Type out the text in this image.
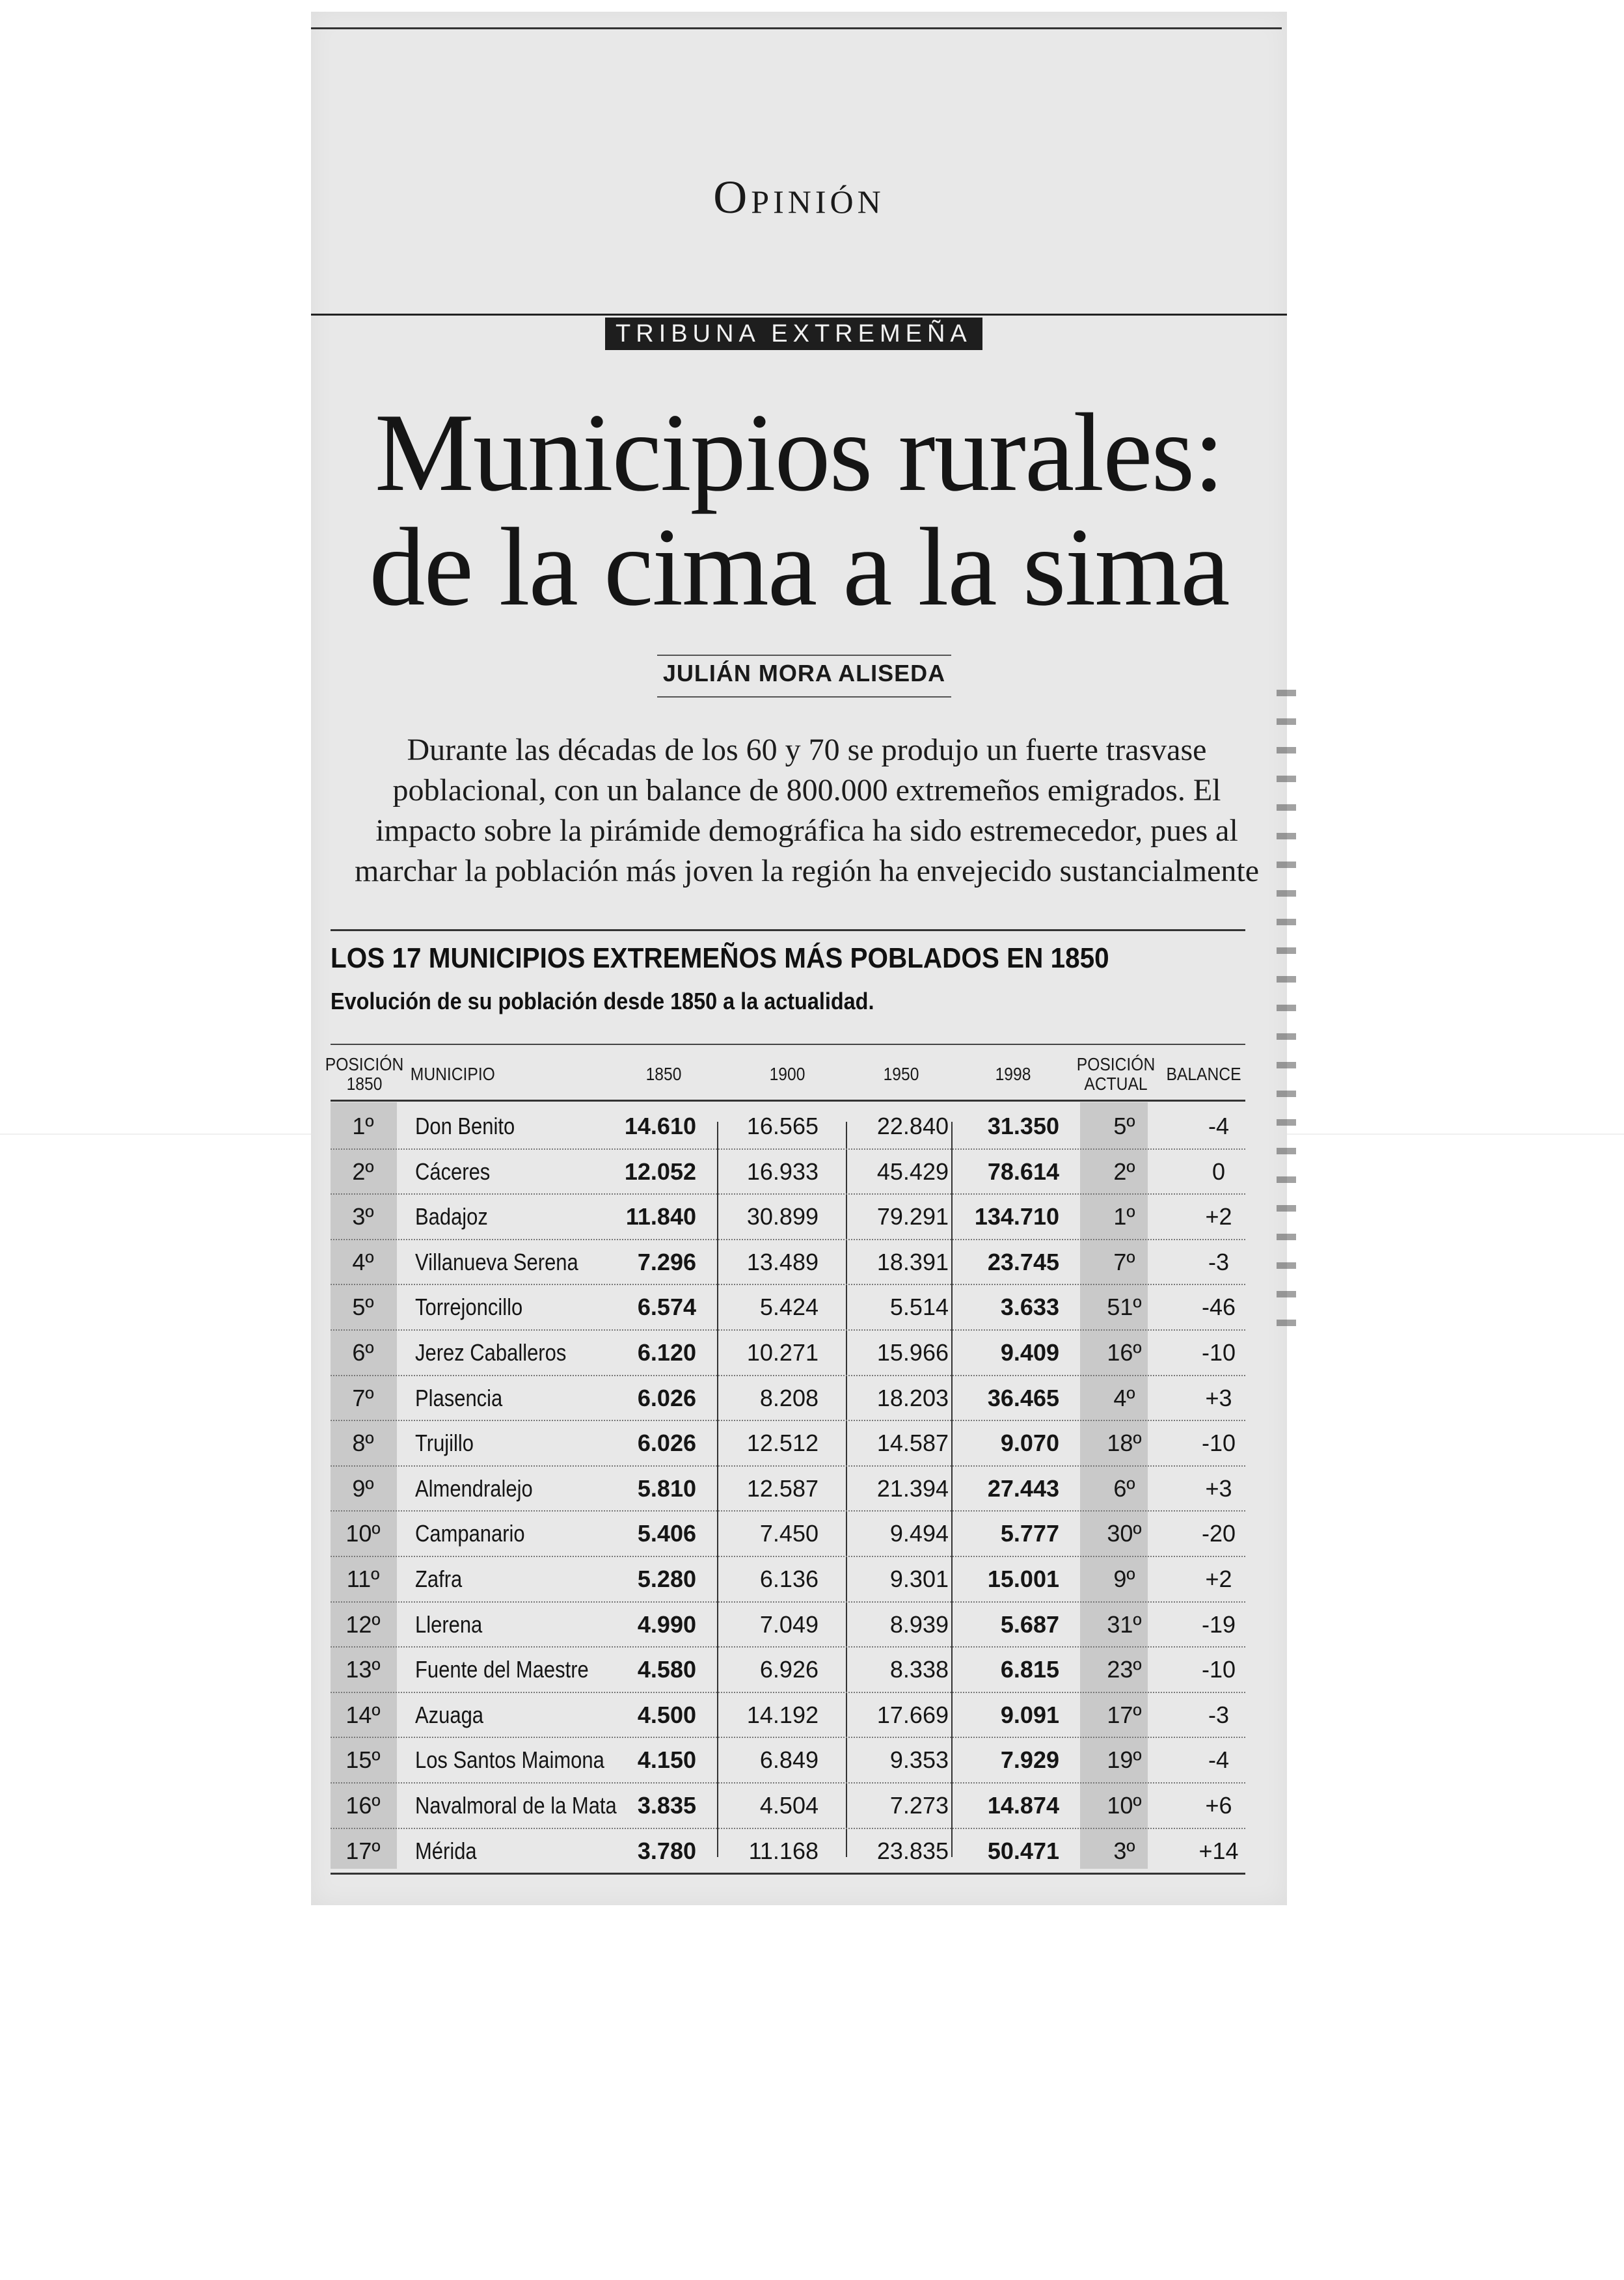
Opinión
TRIBUNA EXTREMEÑA
Municipios rurales:
de la cima a la sima
JULIÁN MORA ALISEDA
Durante las décadas de los 60 y 70 se produjo un fuerte trasvase
poblacional, con un balance de 800.000 extremeños emigrados. El
impacto sobre la pirámide demográfica ha sido estremecedor, pues al
marchar la población más joven la región ha envejecido sustancialmente
LOS 17 MUNICIPIOS EXTREMEÑOS MÁS POBLADOS EN 1850
Evolución de su población desde 1850 a la actualidad.
POSICIÓN 1850	MUNICIPIO	1850	1900	1950	1998	POSICIÓN ACTUAL	BALANCE
1º	Don Benito	14.610 16.565 22.840	31.350	5º	-4
2º	Cáceres	12.052 16.933 45.429	78.614	2º	0
3º	Badajoz	11.840 30.899 79.291 134.710	1º	+2
4º	Villanueva Serena	7.296 13.489 18.391	23.745	7º	-3
5º	Torrejoncillo	6.574	5.424	5.514	3.633	51º	-46
6º	Jerez Caballeros	6.120 10.271 15.966	9.409	16º	-10
7º	Plasencia	6.026	8.208 18.203	36.465	4º	+3
8º	Trujillo	6.026 12.512 14.587	9.070	18º	-10
9º	Almendralejo	5.810 12.587 21.394	27.443	6º	+3
10º	Campanario	5.406	7.450	9.494	5.777	30º	-20
11º	Zafra	5.280	6.136	9.301	15.001	9º	+2
12º	Llerena	4.990	7.049	8.939	5.687	31º	-19
13º	Fuente del Maestre	4.580	6.926	8.338	6.815	23º	-10
14º	Azuaga	4.500 14.192 17.669	9.091	17º	-3
15º	Los Santos Maimona	4.150	6.849	9.353	7.929	19º	-4
16º	Navalmoral de la Mata 3.835	4.504	7.273	14.874	10º	+6
17º	Mérida	3.780	11.168 23.835	50.471	3º	+14
